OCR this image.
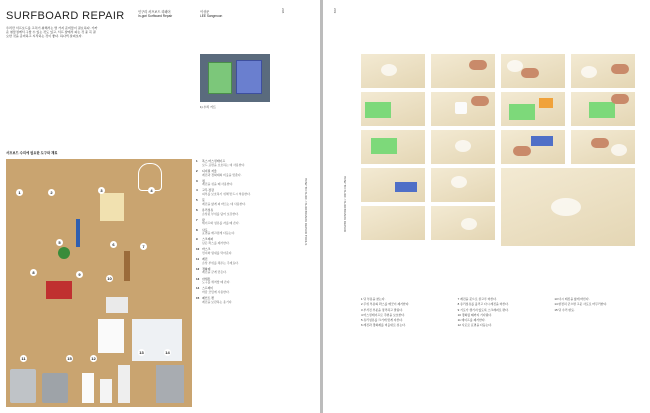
SURFBOARD REPAIR	인구리 서프보드 리페어
In-gori Surfboard Repair
이상문
LEE Sangmoon
우리만 서프보드를 고치기 위해서는 몇 가지 준비물이 필요하다. 가까운 철물점에서 구할 수 있는 것도 있고, 서프 샵에서 파는 것 중 꼭 필요한 것을 준비하고 시작하는 것이 좋다. 하나씩 살펴보자.
208
HOW TO SURF / SURFBOARD REPAIR TOOLS
1) 수리 키트
서프보드 수리에 필요한 도구와 재료
1	2	3	4
5	6	7
8	9
10
11	12
13	14
15
1 폭스 마스킹테이프
보드 표면을 보호하는 데 사용한다.
2 디지털 저울
레진과 경화제의 비율을 맞춘다.
3 컵
레진을 섞을 때 사용한다.
4 고무 장갑
피부를 보호하기 위해 반드시 착용한다.
5 붓
레진을 얇게 펴 바르는 데 사용한다.
6 유리섬유
손상된 부위를 덮어 보강한다.
7 칼
테이프와 섬유를 자를 때 쓴다.
8 사포
표면을 매끄럽게 다듬는다.
9 스크래퍼
남은 왁스를 제거한다.
10 마스크
먼지와 냄새를 막아준다.
11 레진
손상 부위를 채우는 주재료다.
12 경화제
레진을 굳게 만든다.
13 아세톤
도구를 세척할 때 쓴다.
14 스프레이
마감 코팅에 사용한다.
15 페인트 캔
레진을 보관하는 용기다.
209
HOW TO SURF / SURFBOARD REPAIR

1 딩 부분을 찾는다.

2 주위 부분의 왁스를 깨끗이 제거한다.

3 부서진 부분을 정리하고 말린다.

4 마스킹테이프로 주변을 보호한다.

5 유리섬유를 크기에 맞게 자른다.

6 레진과 경화제를 비율대로 섞는다.

7 레진을 붓으로 골고루 바른다.

8 유리섬유를 올리고 다시 레진을 바른다.

9 기포가 생기지 않도록 스크래퍼로 편다.

10 경화될 때까지 기다린다.

11 테이프를 제거한다.

12 사포로 표면을 다듬는다.

13 다시 레진을 얇게 바른다.

14 완전히 굳으면 고운 사포로 마무리한다.

15 딩 수리 완료.
